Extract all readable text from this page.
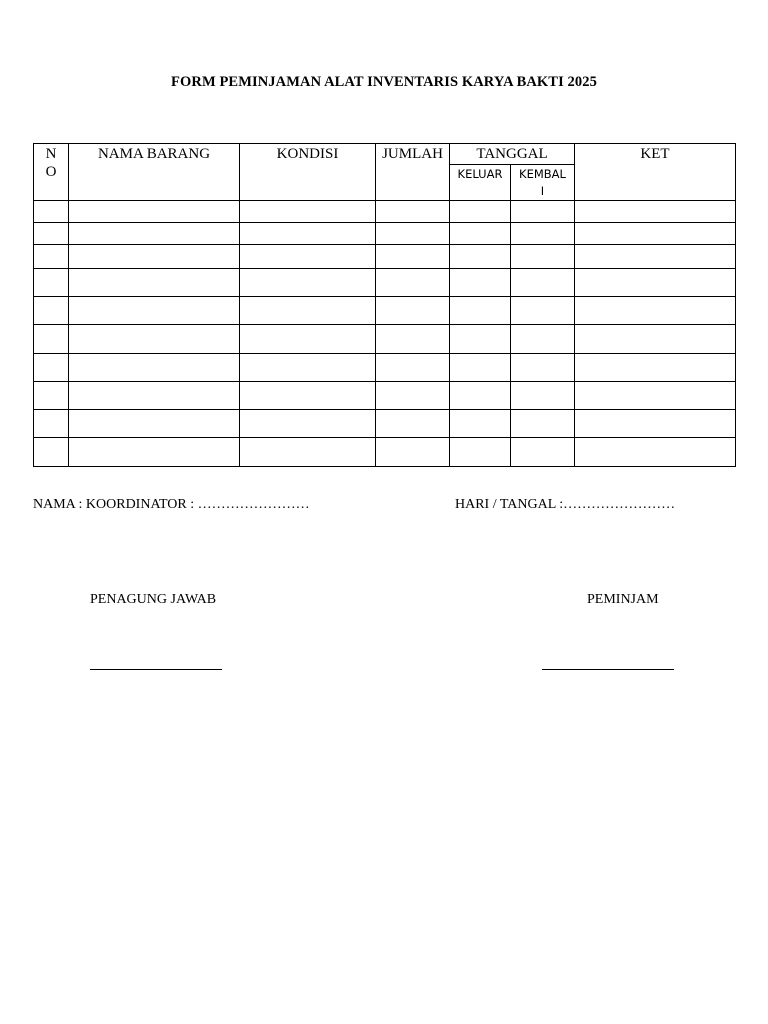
FORM PEMINJAMAN ALAT INVENTARIS KARYA BAKTI 2025
NO	NAMA BARANG	KONDISI	JUMLAH	TANGGAL		KET
				KELUAR	KEMBALI	

NAMA : KOORDINATOR : ……………………	HARI / TANGAL :……………………
PENAGUNG JAWAB	PEMINJAM
